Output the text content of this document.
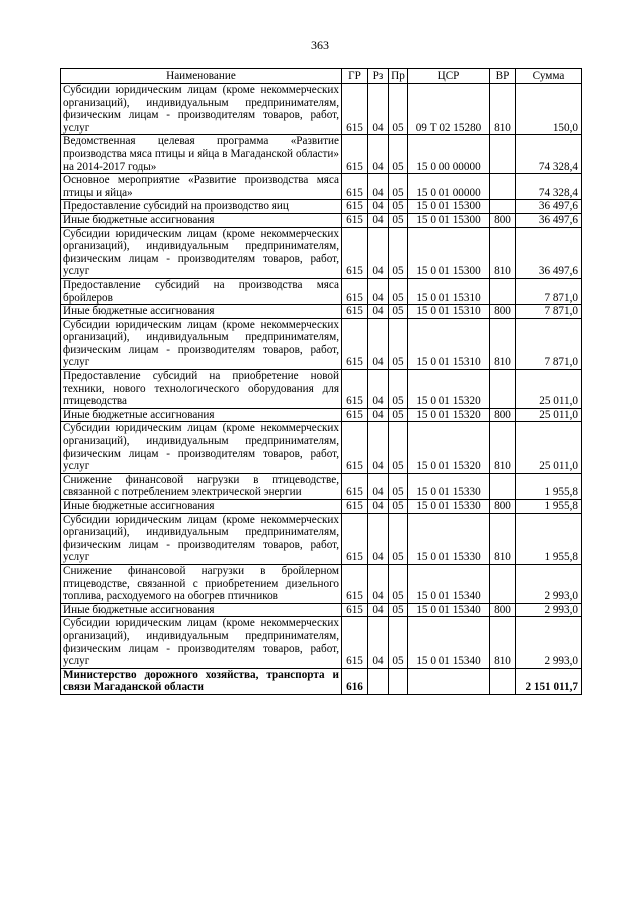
363
Наименование	ГР	Рз	Пр	ЦСР	ВР	Сумма
Субсидии юридическим лицам (кроме некоммерческих организаций), индивидуальным предпринимателям, физическим лицам - производителям товаров, работ, услуг	615	04	05	09 Т 02 15280	810	150,0
Ведомственная целевая программа «Развитие производства мяса птицы и яйца в Магаданской области» на 2014-2017 годы»	615	04	05	15 0 00 00000		74 328,4
Основное мероприятие «Развитие производства мяса птицы и яйца»	615	04	05	15 0 01 00000		74 328,4
Предоставление субсидий на производство яиц	615	04	05	15 0 01 15300		36 497,6
Иные бюджетные ассигнования	615	04	05	15 0 01 15300	800	36 497,6
Субсидии юридическим лицам (кроме некоммерческих организаций), индивидуальным предпринимателям, физическим лицам - производителям товаров, работ, услуг	615	04	05	15 0 01 15300	810	36 497,6
Предоставление субсидий на производства мяса бройлеров	615	04	05	15 0 01 15310		7 871,0
Иные бюджетные ассигнования	615	04	05	15 0 01 15310	800	7 871,0
Субсидии юридическим лицам (кроме некоммерческих организаций), индивидуальным предпринимателям, физическим лицам - производителям товаров, работ, услуг	615	04	05	15 0 01 15310	810	7 871,0
Предоставление субсидий на приобретение новой техники, нового технологического оборудования для птицеводства	615	04	05	15 0 01 15320		25 011,0
Иные бюджетные ассигнования	615	04	05	15 0 01 15320	800	25 011,0
Субсидии юридическим лицам (кроме некоммерческих организаций), индивидуальным предпринимателям, физическим лицам - производителям товаров, работ, услуг	615	04	05	15 0 01 15320	810	25 011,0
Снижение финансовой нагрузки в птицеводстве, связанной с потреблением электрической энергии	615	04	05	15 0 01 15330		1 955,8
Иные бюджетные ассигнования	615	04	05	15 0 01 15330	800	1 955,8
Субсидии юридическим лицам (кроме некоммерческих организаций), индивидуальным предпринимателям, физическим лицам - производителям товаров, работ, услуг	615	04	05	15 0 01 15330	810	1 955,8
Снижение финансовой нагрузки в бройлерном птицеводстве, связанной с приобретением дизельного топлива, расходуемого на обогрев птичников	615	04	05	15 0 01 15340		2 993,0
Иные бюджетные ассигнования	615	04	05	15 0 01 15340	800	2 993,0
Субсидии юридическим лицам (кроме некоммерческих организаций), индивидуальным предпринимателям, физическим лицам - производителям товаров, работ, услуг	615	04	05	15 0 01 15340	810	2 993,0
Министерство дорожного хозяйства, транспорта и связи Магаданской области	616					2 151 011,7
